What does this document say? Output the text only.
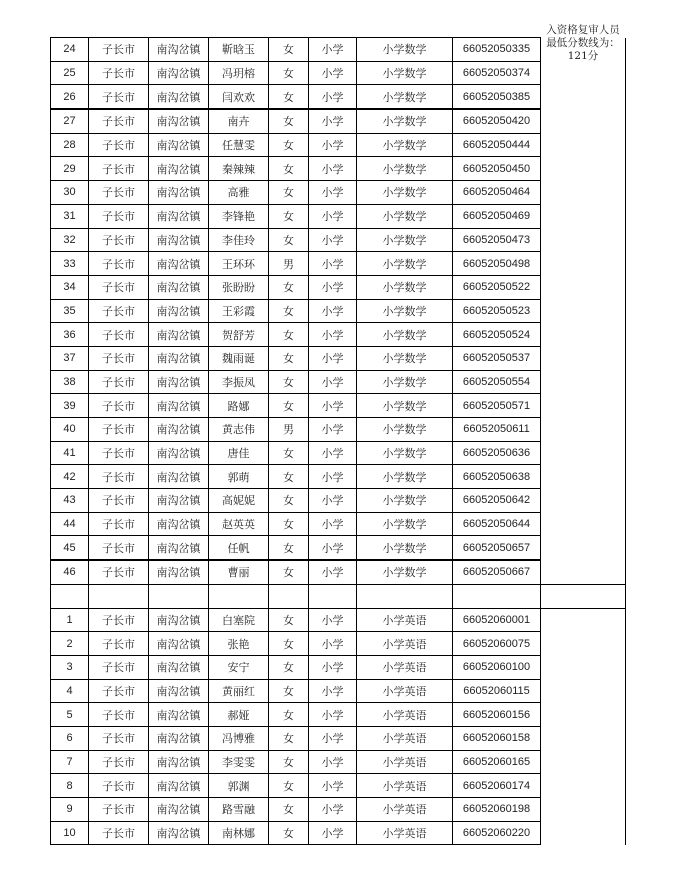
24	子长市	南沟岔镇	靳晗玉	女	小学	小学数学	66052050335	入资格复审人员
最低分数线为：
121分

25	子长市	南沟岔镇	冯玥榕	女	小学	小学数学	66052050374	
26	子长市	南沟岔镇	闫欢欢	女	小学	小学数学	66052050385	
27	子长市	南沟岔镇	南卉	女	小学	小学数学	66052050420	
28	子长市	南沟岔镇	任慧雯	女	小学	小学数学	66052050444	
29	子长市	南沟岔镇	秦辣辣	女	小学	小学数学	66052050450	
30	子长市	南沟岔镇	高雅	女	小学	小学数学	66052050464	
31	子长市	南沟岔镇	李锋艳	女	小学	小学数学	66052050469	
32	子长市	南沟岔镇	李佳玲	女	小学	小学数学	66052050473	
33	子长市	南沟岔镇	王环环	男	小学	小学数学	66052050498	
34	子长市	南沟岔镇	张盼盼	女	小学	小学数学	66052050522	
35	子长市	南沟岔镇	王彩霞	女	小学	小学数学	66052050523	
36	子长市	南沟岔镇	贺舒芳	女	小学	小学数学	66052050524	
37	子长市	南沟岔镇	魏雨诞	女	小学	小学数学	66052050537	
38	子长市	南沟岔镇	李振凤	女	小学	小学数学	66052050554	
39	子长市	南沟岔镇	路娜	女	小学	小学数学	66052050571	
40	子长市	南沟岔镇	黄志伟	男	小学	小学数学	66052050611	
41	子长市	南沟岔镇	唐佳	女	小学	小学数学	66052050636	
42	子长市	南沟岔镇	郭萌	女	小学	小学数学	66052050638	
43	子长市	南沟岔镇	高妮妮	女	小学	小学数学	66052050642	
44	子长市	南沟岔镇	赵英英	女	小学	小学数学	66052050644	
45	子长市	南沟岔镇	任帆	女	小学	小学数学	66052050657	
46	子长市	南沟岔镇	曹丽	女	小学	小学数学	66052050667	

1	子长市	南沟岔镇	白塞院	女	小学	小学英语	66052060001	
2	子长市	南沟岔镇	张艳	女	小学	小学英语	66052060075	
3	子长市	南沟岔镇	安宁	女	小学	小学英语	66052060100	
4	子长市	南沟岔镇	黄丽红	女	小学	小学英语	66052060115	
5	子长市	南沟岔镇	郝娅	女	小学	小学英语	66052060156	
6	子长市	南沟岔镇	冯博雅	女	小学	小学英语	66052060158	
7	子长市	南沟岔镇	李雯雯	女	小学	小学英语	66052060165	
8	子长市	南沟岔镇	郭渊	女	小学	小学英语	66052060174	
9	子长市	南沟岔镇	路雪融	女	小学	小学英语	66052060198	
10	子长市	南沟岔镇	南林娜	女	小学	小学英语	66052060220	
